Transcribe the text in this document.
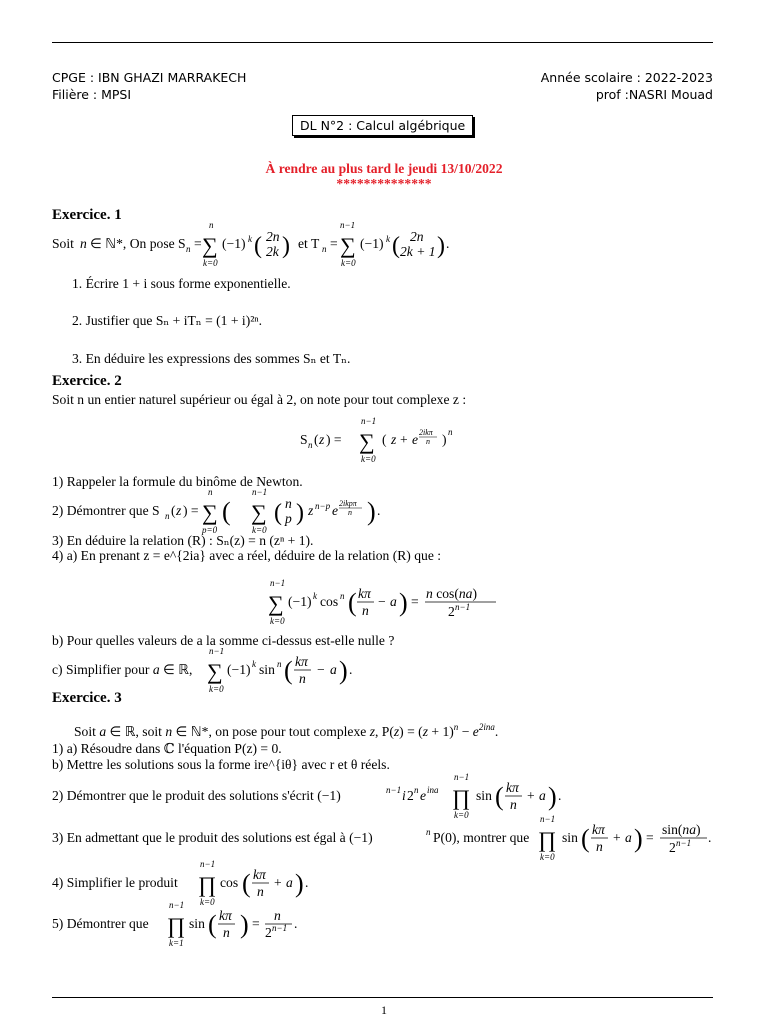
CPGE : IBN GHAZI MARRAKECH
Filière : MPSI
Année scolaire : 2022-2023
prof :NASRI Mouad
DL N°2 : Calcul algébrique
À rendre au plus tard le jeudi 13/10/2022
**************
Exercice. 1
Soit n ∈ ℕ*, On pose S n =
n
∑
k=0
(−1) k ( 2n
2k ) et T n =
n−1
∑
k=0
(−1) k ( 2n
2k + 1 ) .
1. Écrire 1 + i sous forme exponentielle.
2. Justifier que Sₙ + iTₙ = (1 + i)²ⁿ.
3. En déduire les expressions des sommes Sₙ et Tₙ.
Exercice. 2
Soit n un entier naturel supérieur ou égal à 2, on note pour tout complexe z :
S n ( z ) =
n−1
∑
k=0
( z + e 2ikπ
n ) n
1) Rappeler la formule du binôme de Newton.
2) Démontrer que S n ( z ) =
n
∑
p=0
(
n−1
∑
k=0
( n
p ) z n−p e 2ikpπ
n ) .
3) En déduire la relation (R) : Sₙ(z) = n (zⁿ + 1).
4) a) En prenant z = e^{2ia} avec a réel, déduire de la relation (R) que :
n−1
∑
k=0
(−1) k cos n ( kπ
n
− a ) =
n cos(na)
2 n−1
b) Pour quelles valeurs de a la somme ci-dessus est-elle nulle ?
c) Simplifier pour a ∈ ℝ,
n−1
∑
k=0
(−1) k sin n ( kπ
n
− a ) .
Exercice. 3
Soit a ∈ ℝ, soit n ∈ ℕ*, on pose pour tout complexe z, $P(z) = (z + 1)^n - e^{2ina}$.
1) a) Résoudre dans ℂ l'équation P(z) = 0.
b) Mettre les solutions sous la forme ire^{iθ} avec r et θ réels.
2) Démontrer que le produit des solutions s'écrit (−1)	n−1 i 2 n e ina
n−1
∏
k=0
sin ( kπ
n
+ a ) .
3) En admettant que le produit des solutions est égal à (−1)	n P(0), montrer que
n−1
∏
k=0
sin ( kπ
n
+ a ) =
sin(na)
2 n−1 .
4) Simplifier le produit
n−1
∏
k=0
cos ( kπ
n
+ a ) .
5) Démontrer que
n−1
∏
k=1
sin ( kπ
n ) =
n
2 n−1 .
1
